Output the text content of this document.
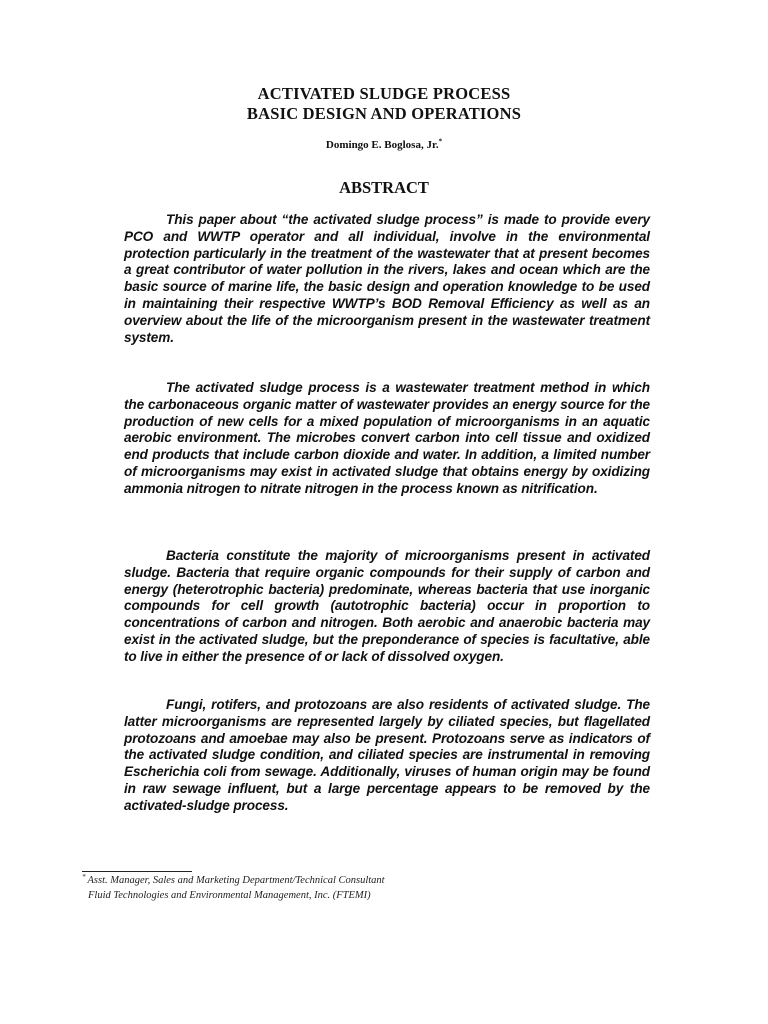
ACTIVATED SLUDGE PROCESS
BASIC DESIGN AND OPERATIONS

Domingo E. Boglosa, Jr.*

ABSTRACT

This paper about “the activated sludge process” is made to provide every PCO and WWTP operator and all individual, involve in the environmental protection particularly in the treatment of the wastewater that at present becomes a great contributor of water pollution in the rivers, lakes and ocean which are the basic source of marine life, the basic design and operation knowledge to be used in maintaining their respective WWTP’s BOD Removal Efficiency as well as an overview about the life of the microorganism present in the wastewater treatment system.

The activated sludge process is a wastewater treatment method in which the carbonaceous organic matter of wastewater provides an energy source for the production of new cells for a mixed population of microorganisms in an aquatic aerobic environment. The microbes convert carbon into cell tissue and oxidized end products that include carbon dioxide and water. In addition, a limited number of microorganisms may exist in activated sludge that obtains energy by oxidizing ammonia nitrogen to nitrate nitrogen in the process known as nitrification.

Bacteria constitute the majority of microorganisms present in activated sludge. Bacteria that require organic compounds for their supply of carbon and energy (heterotrophic bacteria) predominate, whereas bacteria that use inorganic compounds for cell growth (autotrophic bacteria) occur in proportion to concentrations of carbon and nitrogen. Both aerobic and anaerobic bacteria may exist in the activated sludge, but the preponderance of species is facultative, able to live in either the presence of or lack of dissolved oxygen.

Fungi, rotifers, and protozoans are also residents of activated sludge. The latter microorganisms are represented largely by ciliated species, but flagellated protozoans and amoebae may also be present. Protozoans serve as indicators of the activated sludge condition, and ciliated species are instrumental in removing Escherichia coli from sewage. Additionally, viruses of human origin may be found in raw sewage influent, but a large percentage appears to be removed by the activated-sludge process.

* Asst. Manager, Sales and Marketing Department/Technical Consultant
Fluid Technologies and Environmental Management, Inc. (FTEMI)
